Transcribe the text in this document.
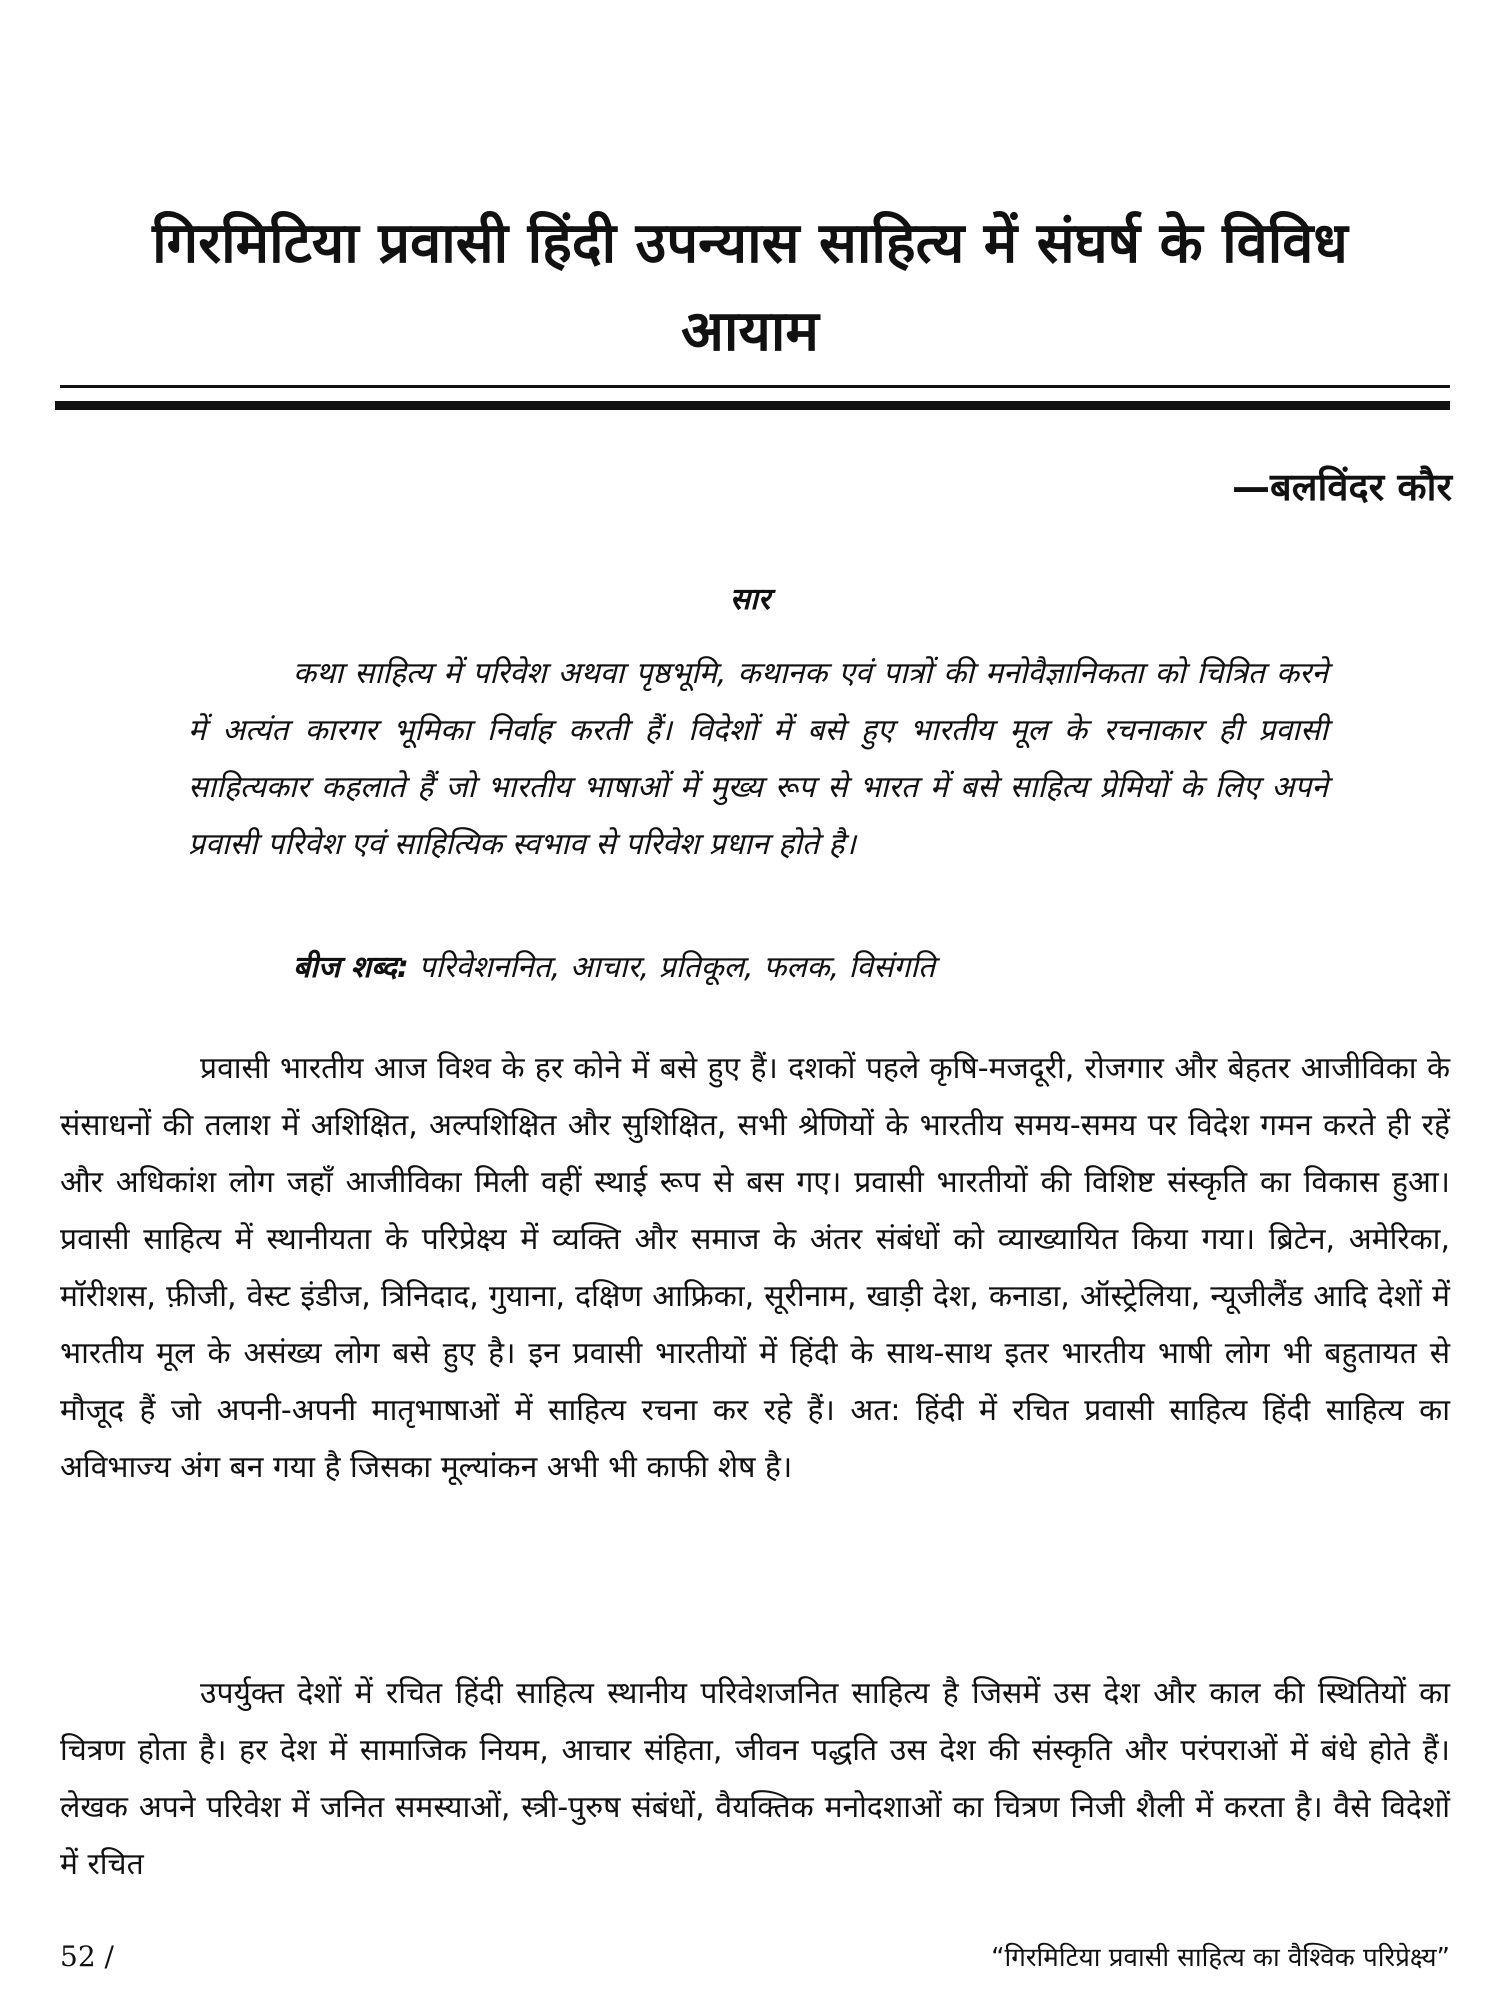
गिरमिटिया प्रवासी हिंदी उपन्यास साहित्य में संघर्ष के विविध आयाम
—बलविंदर कौर
सार

कथा साहित्य में परिवेश अथवा पृष्ठभूमि, कथानक एवं पात्रों की मनोवैज्ञानिकता को चित्रित करने में अत्यंत कारगर भूमिका निर्वाह करती हैं। विदेशों में बसे हुए भारतीय मूल के रचनाकार ही प्रवासी साहित्यकार कहलाते हैं जो भारतीय भाषाओं में मुख्य रूप से भारत में बसे साहित्य प्रेमियों के लिए अपने प्रवासी परिवेश एवं साहित्यिक स्वभाव से परिवेश प्रधान होते है।

बीज शब्द: परिवेशननित, आचार, प्रतिकूल, फलक, विसंगति

प्रवासी भारतीय आज विश्व के हर कोने में बसे हुए हैं। दशकों पहले कृषि-मजदूरी, रोजगार और बेहतर आजीविका के संसाधनों की तलाश में अशिक्षित, अल्पशिक्षित और सुशिक्षित, सभी श्रेणियों के भारतीय समय-समय पर विदेश गमन करते ही रहें और अधिकांश लोग जहाँ आजीविका मिली वहीं स्थाई रूप से बस गए। प्रवासी भारतीयों की विशिष्ट संस्कृति का विकास हुआ। प्रवासी साहित्य में स्थानीयता के परिप्रेक्ष्य में व्यक्ति और समाज के अंतर संबंधों को व्याख्यायित किया गया। ब्रिटेन, अमेरिका, मॉरीशस, फ़ीजी, वेस्ट इंडीज, त्रिनिदाद, गुयाना, दक्षिण आफ्रिका, सूरीनाम, खाड़ी देश, कनाडा, ऑस्ट्रेलिया, न्यूजीलैंड आदि देशों में भारतीय मूल के असंख्य लोग बसे हुए है। इन प्रवासी भारतीयों में हिंदी के साथ-साथ इतर भारतीय भाषी लोग भी बहुतायत से मौजूद हैं जो अपनी-अपनी मातृभाषाओं में साहित्य रचना कर रहे हैं। अत: हिंदी में रचित प्रवासी साहित्य हिंदी साहित्य का अविभाज्य अंग बन गया है जिसका मूल्यांकन अभी भी काफी शेष है।

उपर्युक्त देशों में रचित हिंदी साहित्य स्थानीय परिवेशजनित साहित्य है जिसमें उस देश और काल की स्थितियों का चित्रण होता है। हर देश में सामाजिक नियम, आचार संहिता, जीवन पद्धति उस देश की संस्कृति और परंपराओं में बंधे होते हैं। लेखक अपने परिवेश में जनित समस्याओं, स्त्री-पुरुष संबंधों, वैयक्तिक मनोदशाओं का चित्रण निजी शैली में करता है। वैसे विदेशों में रचित

52 /	“गिरमिटिया प्रवासी साहित्य का वैश्विक परिप्रेक्ष्य”
